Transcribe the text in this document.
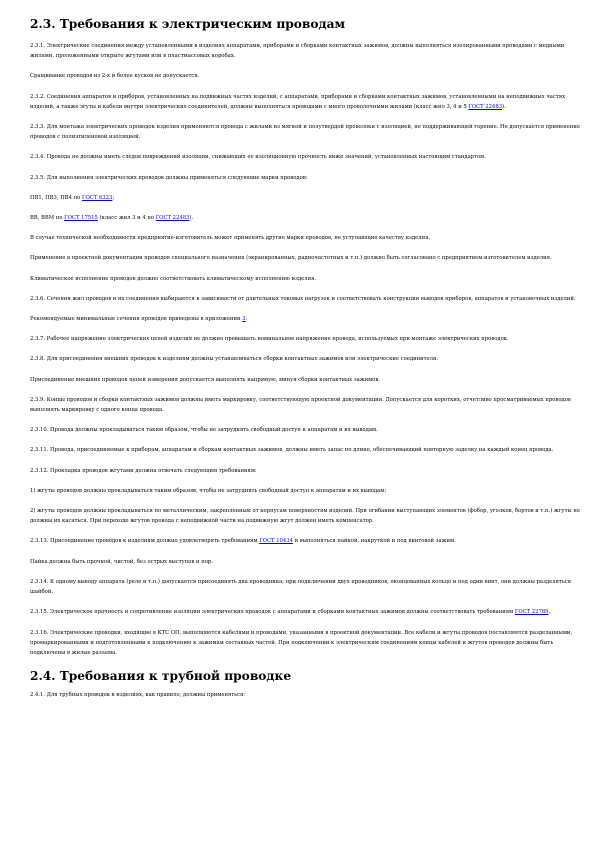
2.3. Требования к электрическим проводам

2.3.1. Электрические соединения между установленными в изделиях аппаратами, приборами и сборками контактных зажимов, должны выполняться изолированными проводами с медными жилами, проложенными открыто жгутами или в пластмассовых коробах.

Сращивание проводов из 2-х и более кусков не допускается.

2.3.2. Соединения аппаратов и приборов, установленных на подвижных частях изделий, с аппаратами, приборами и сборками контактных зажимов, установленными на неподвижных частях изделий, а также эгуты и кабели внутри электрических соединителей, должны выполняться проводами с много проволочными жилами (класс жил 3, 4 и 5 ГОСТ 22483).

2.3.3. Для монтажа электрических проводок изделия применяются провода с жилами из мягкой и полутвердой проволоки с изоляцией, не поддерживающей горение. Не допускается применение проводов с полиэтиленовой изоляцией.

2.3.4. Провода не должны иметь следов повреждений изоляции, снижающих ее изоляционную прочность ниже значений, установленных настоящим стандартом.

2.3.5. Для выполнения электрических проводок должны применяться следующие марки проводов:

ПВ1, ПВ3, ПВ4 по ГОСТ 6323;

ВВ, ВВМ по ГОСТ 17515 (класс жил 3 и 4 по ГОСТ 22483).

В случае технической необходимости предприятие-изготовитель может применять другие марки проводов, не уступающие качеству изделия.

Применение в проектной документации проводов специального назначения (экранированных, радиочастотных и т.п.) должно быть согласовано с предприятием-изготовителем изделия.

Климатическое исполнение проводов должно соответствовать климатическому исполнению изделия.

2.3.6. Сечения жил проводов и их соединения выбираются в зависимости от длительных токовых нагрузок и соответствовать конструкции выводов приборов, аппаратов и установочных изделий.

Рекомендуемые минимальные сечения проводов приведены в приложении 3.

2.3.7. Рабочее напряжение электрических цепей изделия не должно превышать номинальное напряжение провода, используемых при монтаже электрических проводок.

2.3.8. Для присоединения внешних проводок к изделиям должны устанавливаться сборки контактных зажимов или электрические соединители.

Присоединение внешних проводок цепей измерения допускается выполнять напрямую, минуя сборки контактных зажимов.

2.3.9. Концы проводов и сборки контактных зажимов должны иметь маркировку, соответствующую проектной документации. Допускается для коротких, отчетливо просматриваемых проводов выполнять маркировку с одного конца провода.

2.3.10. Провода должны прокладываться таким образом, чтобы не затруднять свободный доступ к аппаратам и их выводам.

2.3.11. Провода, присоединяемые к приборам, аппаратам и сборкам контактных зажимов, должны иметь запас по длине, обеспечивающий повторную заделку на каждый конец провода.

2.3.12. Прокладка проводов жгутами должна отвечать следующим требованиям:

1) жгуты проводов должны прокладываться таким образом, чтобы не затруднять свободный доступ к аппаратам и их выводам;

2) жгуты проводов должны прокладываться по металлическим, закрепленным от корпусам поверхностям изделий. При огибании выступающих элементов (фобор, уголков, бортов и т.п.) жгуты не должны их касаться. При переходе жгутов провода с неподвижной части на подвижную жгут должен иметь компенсатор.

2.3.13. Присоединение проводов к изделиям должно удовлетворять требованиям ГОСТ 10434 и выполняться пайкой, накруткой и под винтовой зажим.

Пайка должна быть прочной, чистой, без острых выступов и пор.

2.3.14. К одному выводу аппарата (реле и т.п.) допускается присоединять два проводника; при подключении двух проводников, оконцованных кольцо и под один винт, они должны разделяться шайбой.

2.3.15. Электрическое прочность и сопротивление изоляции электрических проводок с аппаратами и сборками контактных зажимов должны соответствовать требованиям ГОСТ 22789.

2.3.16. Электрические проводки, входящие в КТС ОП, выполняются кабелями и проводами, указанными в проектной документации. Все кабели и жгуты проводов поставляются разделанными, промаркированными и подготовленными к подключению к зажимам составных частей. При подключении к электрическим соединениям концы кабелей и жгутов проводов должны быть подключены в жилые разъема.

2.4. Требования к трубной проводке

2.4.1. Для трубных проводок в изделиях, как правило, должны применяться:
